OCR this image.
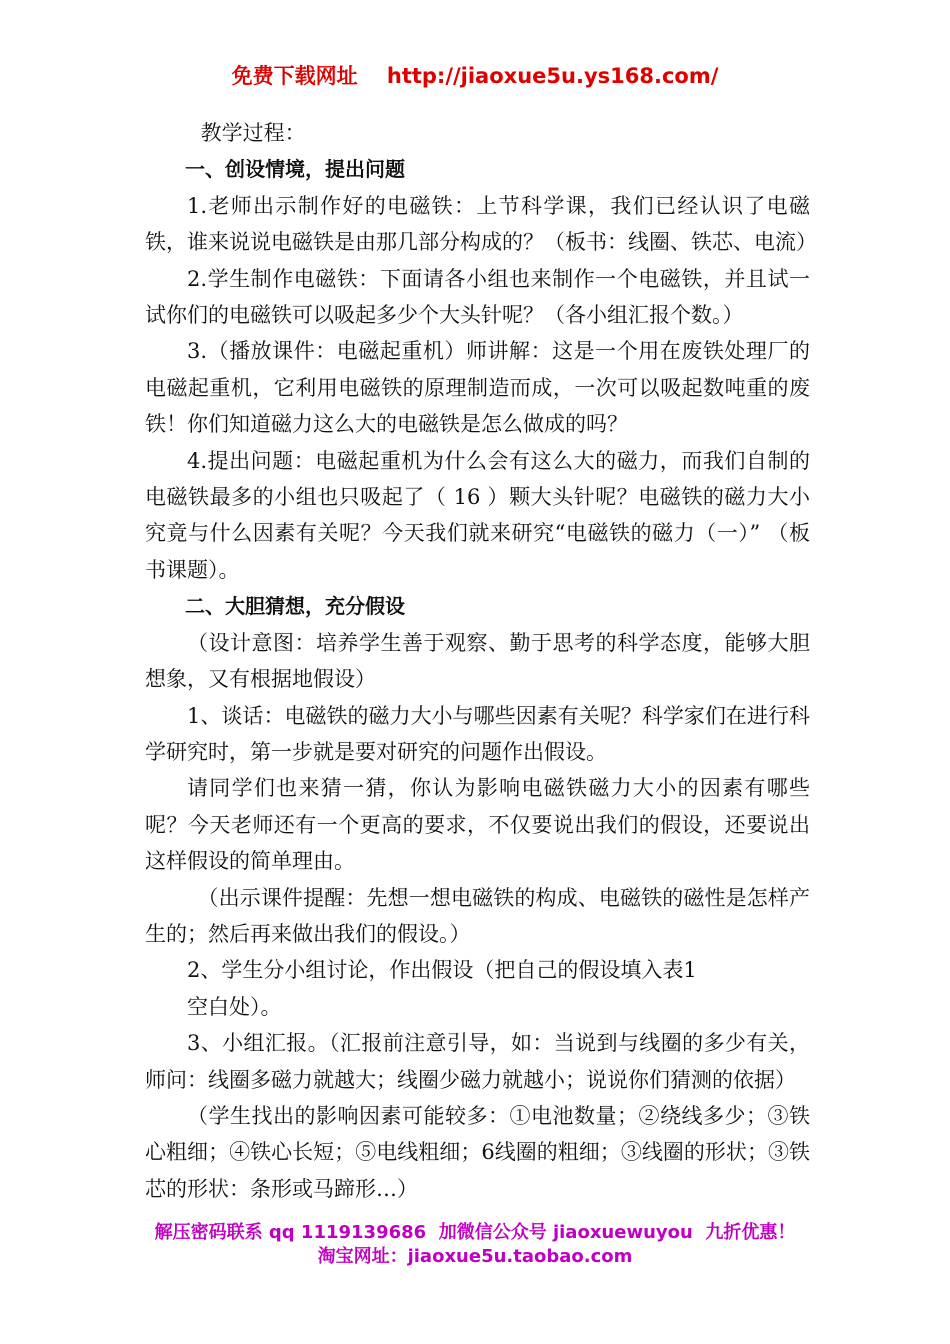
免费下载网址    http://jiaoxue5u.ys168.com/

教学过程：

一、创设情境，提出问题

1.老师出示制作好的电磁铁：上节科学课，我们已经认识了电磁铁，谁来说说电磁铁是由那几部分构成的？（板书：线圈、铁芯、电流）

2.学生制作电磁铁：下面请各小组也来制作一个电磁铁，并且试一试你们的电磁铁可以吸起多少个大头针呢？（各小组汇报个数。）

3.（播放课件：电磁起重机）师讲解：这是一个用在废铁处理厂的电磁起重机，它利用电磁铁的原理制造而成，一次可以吸起数吨重的废铁！你们知道磁力这么大的电磁铁是怎么做成的吗？

4.提出问题：电磁起重机为什么会有这么大的磁力，而我们自制的电磁铁最多的小组也只吸起了（ 16 ）颗大头针呢？电磁铁的磁力大小究竟与什么因素有关呢？今天我们就来研究“电磁铁的磁力（一）” （板书课题）。

二、大胆猜想，充分假设

（设计意图：培养学生善于观察、勤于思考的科学态度，能够大胆想象，又有根据地假设）

1、谈话：电磁铁的磁力大小与哪些因素有关呢？科学家们在进行科学研究时，第一步就是要对研究的问题作出假设。

请同学们也来猜一猜，你认为影响电磁铁磁力大小的因素有哪些呢？今天老师还有一个更高的要求，不仅要说出我们的假设，还要说出这样假设的简单理由。

（出示课件提醒：先想一想电磁铁的构成、电磁铁的磁性是怎样产生的；然后再来做出我们的假设。）

2、学生分小组讨论，作出假设（把自己的假设填入表1

空白处）。

3、小组汇报。（汇报前注意引导，如：当说到与线圈的多少有关，师问：线圈多磁力就越大；线圈少磁力就越小；说说你们猜测的依据）

（学生找出的影响因素可能较多：①电池数量；②绕线多少；③铁心粗细；④铁心长短；⑤电线粗细；6线圈的粗细；③线圈的形状；③铁芯的形状：条形或马蹄形…）

解压密码联系 qq 1119139686  加微信公众号 jiaoxuewuyou  九折优惠！
淘宝网址：jiaoxue5u.taobao.com
